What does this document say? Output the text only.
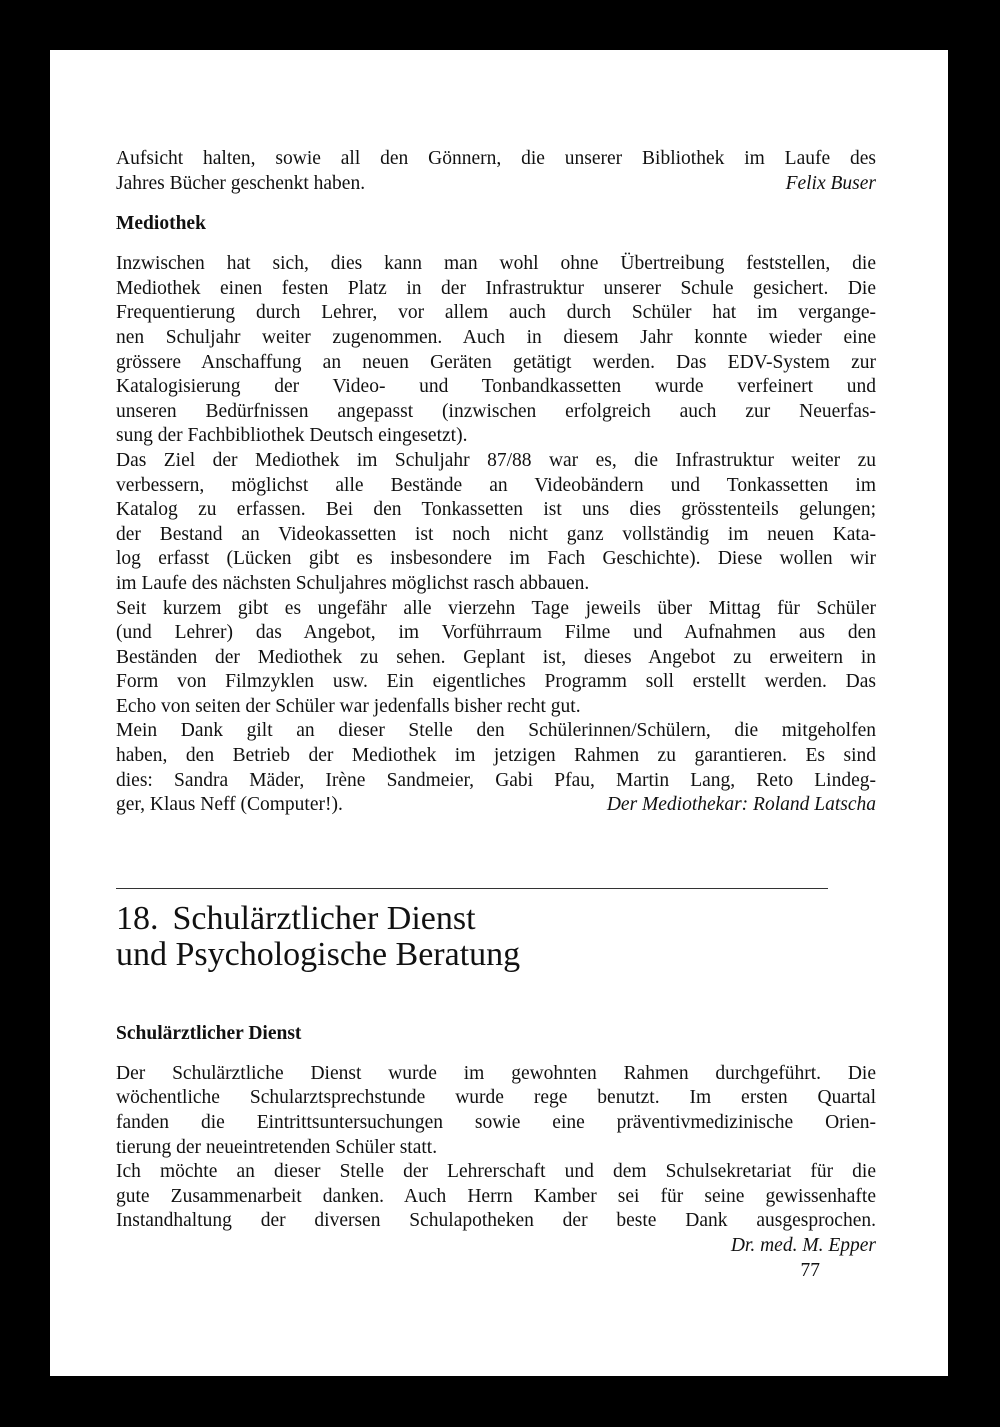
Aufsicht halten, sowie all den Gönnern, die unserer Bibliothek im Laufe des
Jahres Bücher geschenkt haben.	Felix Buser
Mediothek
Inzwischen hat sich, dies kann man wohl ohne Übertreibung feststellen, die
Mediothek einen festen Platz in der Infrastruktur unserer Schule gesichert. Die
Frequentierung durch Lehrer, vor allem auch durch Schüler hat im vergange-
nen Schuljahr weiter zugenommen. Auch in diesem Jahr konnte wieder eine
grössere Anschaffung an neuen Geräten getätigt werden. Das EDV-System zur
Katalogisierung der Video- und Tonbandkassetten wurde verfeinert und
unseren Bedürfnissen angepasst (inzwischen erfolgreich auch zur Neuerfas-
sung der Fachbibliothek Deutsch eingesetzt).
Das Ziel der Mediothek im Schuljahr 87/88 war es, die Infrastruktur weiter zu
verbessern, möglichst alle Bestände an Videobändern und Tonkassetten im
Katalog zu erfassen. Bei den Tonkassetten ist uns dies grösstenteils gelungen;
der Bestand an Videokassetten ist noch nicht ganz vollständig im neuen Kata-
log erfasst (Lücken gibt es insbesondere im Fach Geschichte). Diese wollen wir
im Laufe des nächsten Schuljahres möglichst rasch abbauen.
Seit kurzem gibt es ungefähr alle vierzehn Tage jeweils über Mittag für Schüler
(und Lehrer) das Angebot, im Vorführraum Filme und Aufnahmen aus den
Beständen der Mediothek zu sehen. Geplant ist, dieses Angebot zu erweitern in
Form von Filmzyklen usw. Ein eigentliches Programm soll erstellt werden. Das
Echo von seiten der Schüler war jedenfalls bisher recht gut.
Mein Dank gilt an dieser Stelle den Schülerinnen/Schülern, die mitgeholfen
haben, den Betrieb der Mediothek im jetzigen Rahmen zu garantieren. Es sind
dies: Sandra Mäder, Irène Sandmeier, Gabi Pfau, Martin Lang, Reto Lindeg-
ger, Klaus Neff (Computer!).	Der Mediothekar: Roland Latscha
18. Schulärztlicher Dienst
und Psychologische Beratung
Schulärztlicher Dienst
Der Schulärztliche Dienst wurde im gewohnten Rahmen durchgeführt. Die
wöchentliche Schularztsprechstunde wurde rege benutzt. Im ersten Quartal
fanden die Eintrittsuntersuchungen sowie eine präventivmedizinische Orien-
tierung der neueintretenden Schüler statt.
Ich möchte an dieser Stelle der Lehrerschaft und dem Schulsekretariat für die
gute Zusammenarbeit danken. Auch Herrn Kamber sei für seine gewissenhafte
Instandhaltung der diversen Schulapotheken der beste Dank ausgesprochen.
Dr. med. M. Epper
77
